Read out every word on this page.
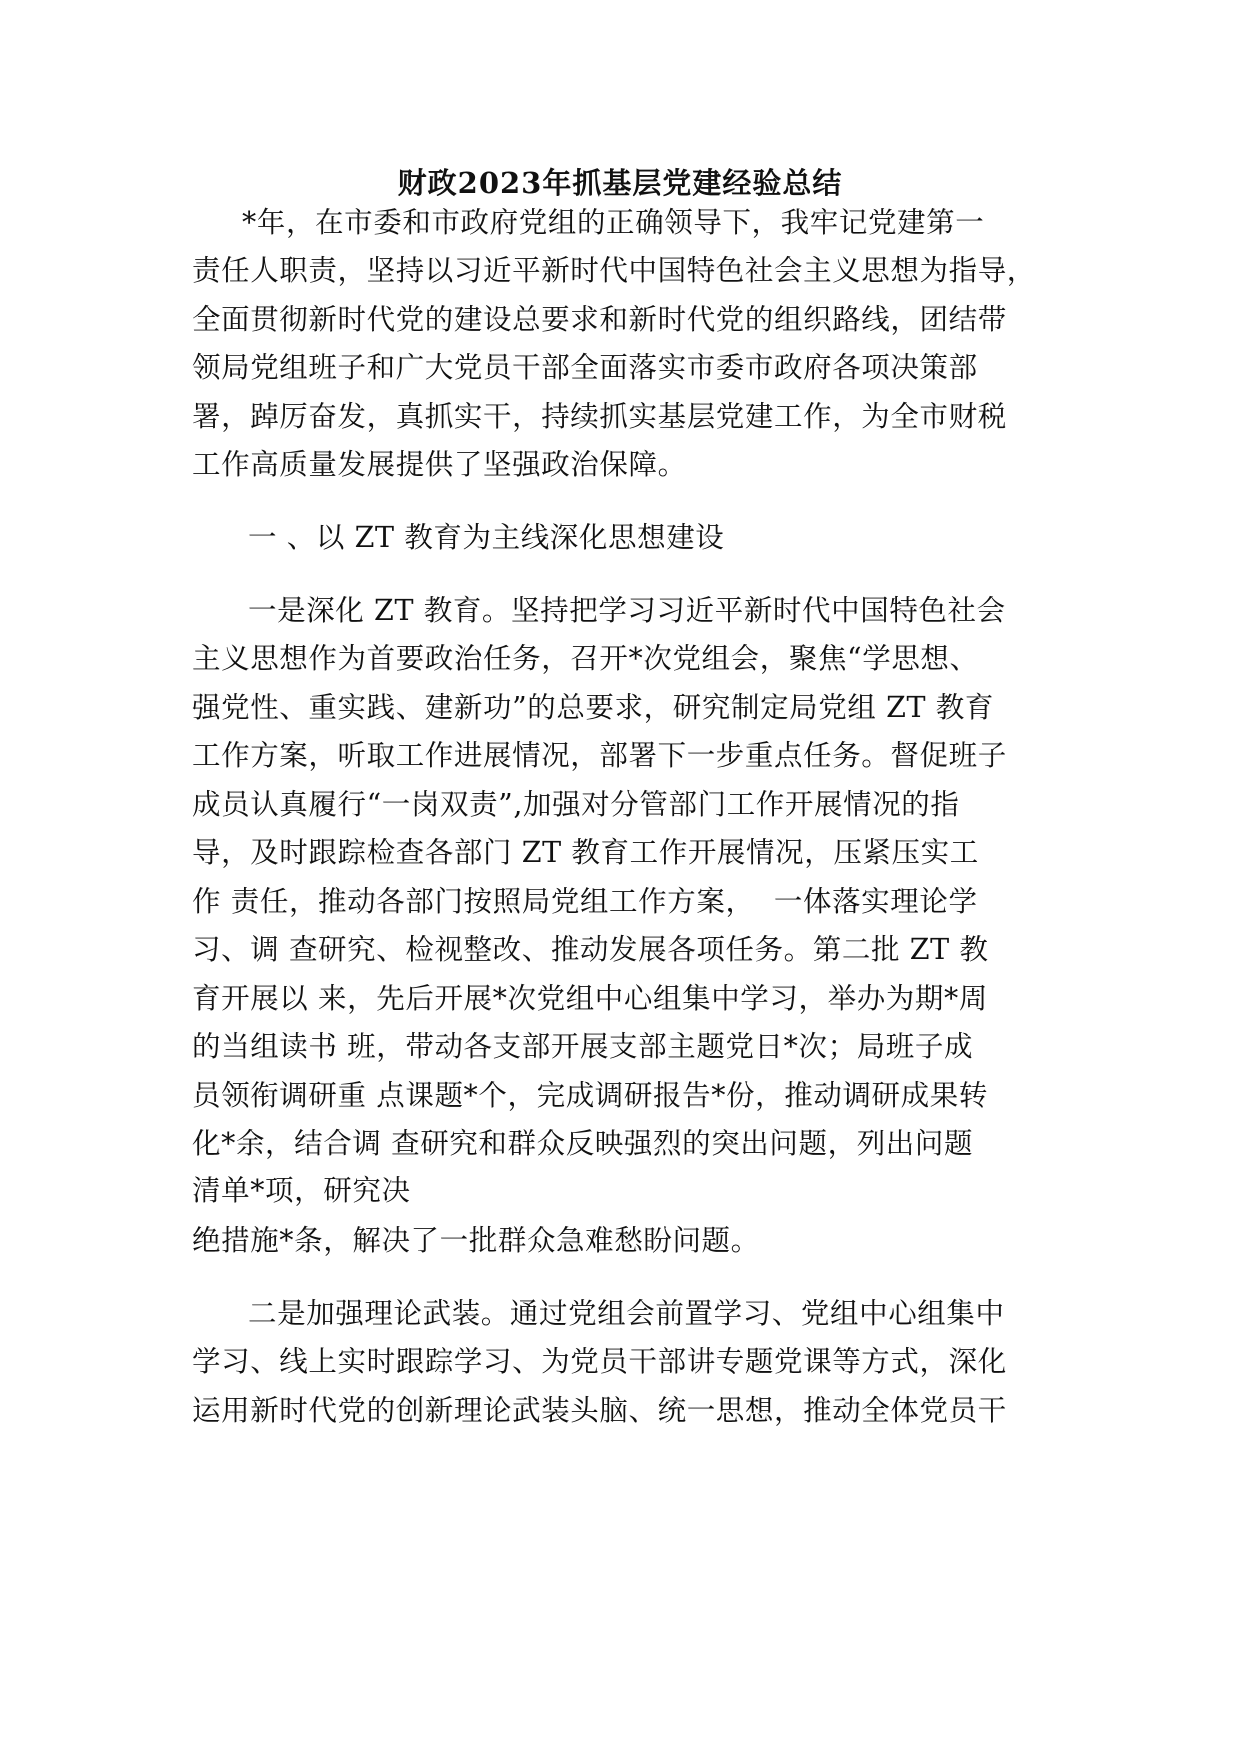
财政2023年抓基层党建经验总结

*年，在市委和市政府党组的正确领导下，我牢记党建第一

责任人职责，坚持以习近平新时代中国特色社会主义思想为指导，

全面贯彻新时代党的建设总要求和新时代党的组织路线，团结带

领局党组班子和广大党员干部全面落实市委市政府各项决策部

署，踔厉奋发，真抓实干，持续抓实基层党建工作，为全市财税

工作高质量发展提供了坚强政治保障。

一 、以 ZT 教育为主线深化思想建设

一是深化 ZT 教育。坚持把学习习近平新时代中国特色社会

主义思想作为首要政治任务，召开*次党组会，聚焦“学思想、

强党性、重实践、建新功”的总要求，研究制定局党组 ZT 教育

工作方案，听取工作进展情况，部署下一步重点任务。督促班子

成员认真履行“一岗双责”,加强对分管部门工作开展情况的指

导，及时跟踪检查各部门 ZT 教育工作开展情况，压紧压实工

作 责任，推动各部门按照局党组工作方案，  一体落实理论学

习、调 查研究、检视整改、推动发展各项任务。第二批 ZT 教

育开展以 来，先后开展*次党组中心组集中学习，举办为期*周

的当组读书 班，带动各支部开展支部主题党日*次；局班子成

员领衔调研重 点课题*个，完成调研报告*份，推动调研成果转

化*余，结合调 查研究和群众反映强烈的突出问题，列出问题

清单*项，研究决

绝措施*条，解决了一批群众急难愁盼问题。

二是加强理论武装。通过党组会前置学习、党组中心组集中

学习、线上实时跟踪学习、为党员干部讲专题党课等方式，深化

运用新时代党的创新理论武装头脑、统一思想，推动全体党员干
